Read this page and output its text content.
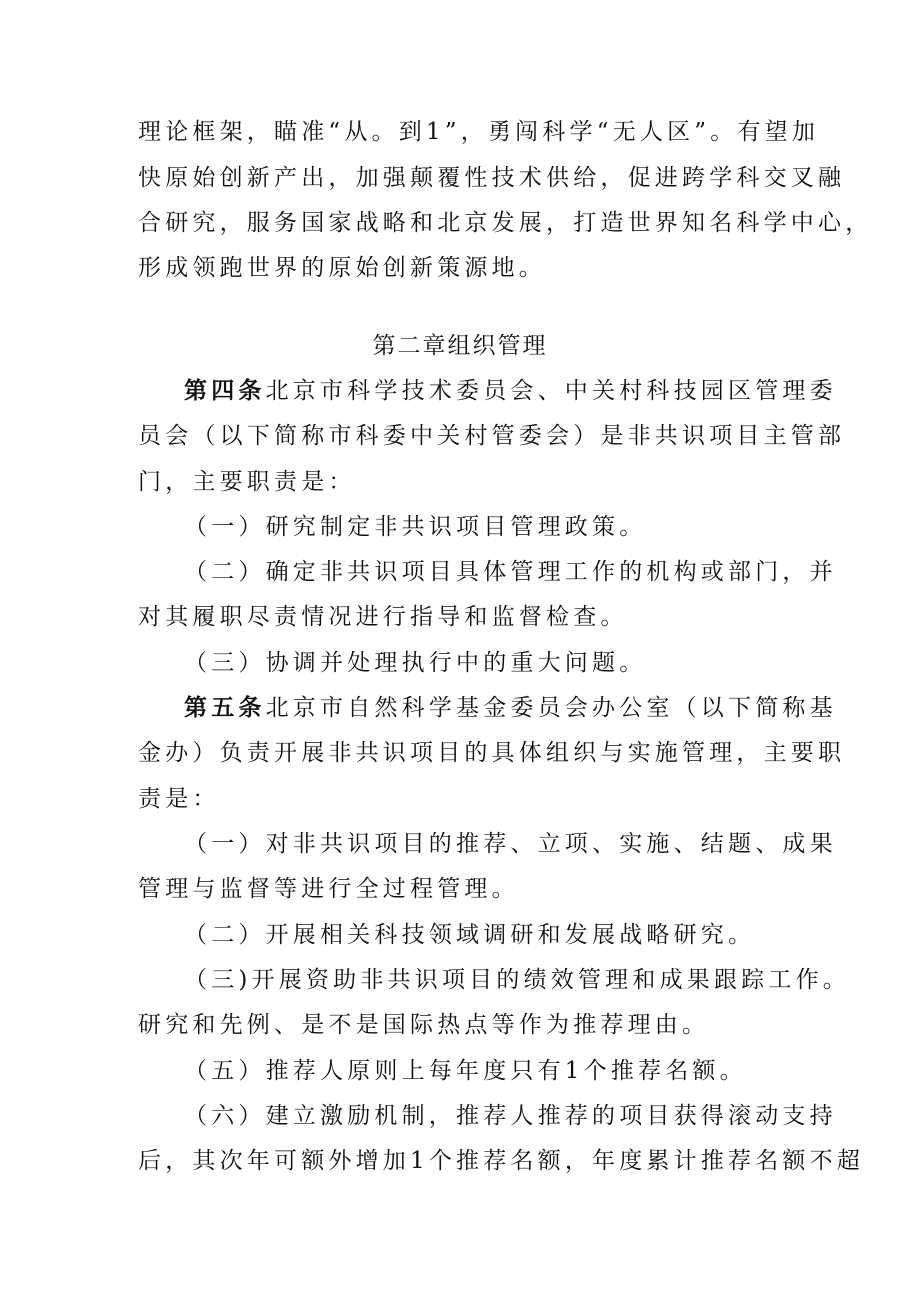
理论框架，瞄准“从。到1”，勇闯科学“无人区”。有望加
快原始创新产出，加强颠覆性技术供给，促进跨学科交叉融
合研究，服务国家战略和北京发展，打造世界知名科学中心，
形成领跑世界的原始创新策源地。
第二章组织管理
第四条北京市科学技术委员会、中关村科技园区管理委
员会（以下简称市科委中关村管委会）是非共识项目主管部
门，主要职责是：
（一）研究制定非共识项目管理政策。
（二）确定非共识项目具体管理工作的机构或部门，并
对其履职尽责情况进行指导和监督检查。
（三）协调并处理执行中的重大问题。
第五条北京市自然科学基金委员会办公室（以下简称基
金办）负责开展非共识项目的具体组织与实施管理，主要职
责是：
（一）对非共识项目的推荐、立项、实施、结题、成果
管理与监督等进行全过程管理。
（二）开展相关科技领域调研和发展战略研究。
（三)开展资助非共识项目的绩效管理和成果跟踪工作。
研究和先例、是不是国际热点等作为推荐理由。
（五）推荐人原则上每年度只有1个推荐名额。
（六）建立激励机制，推荐人推荐的项目获得滚动支持
后，其次年可额外增加1个推荐名额，年度累计推荐名额不超
